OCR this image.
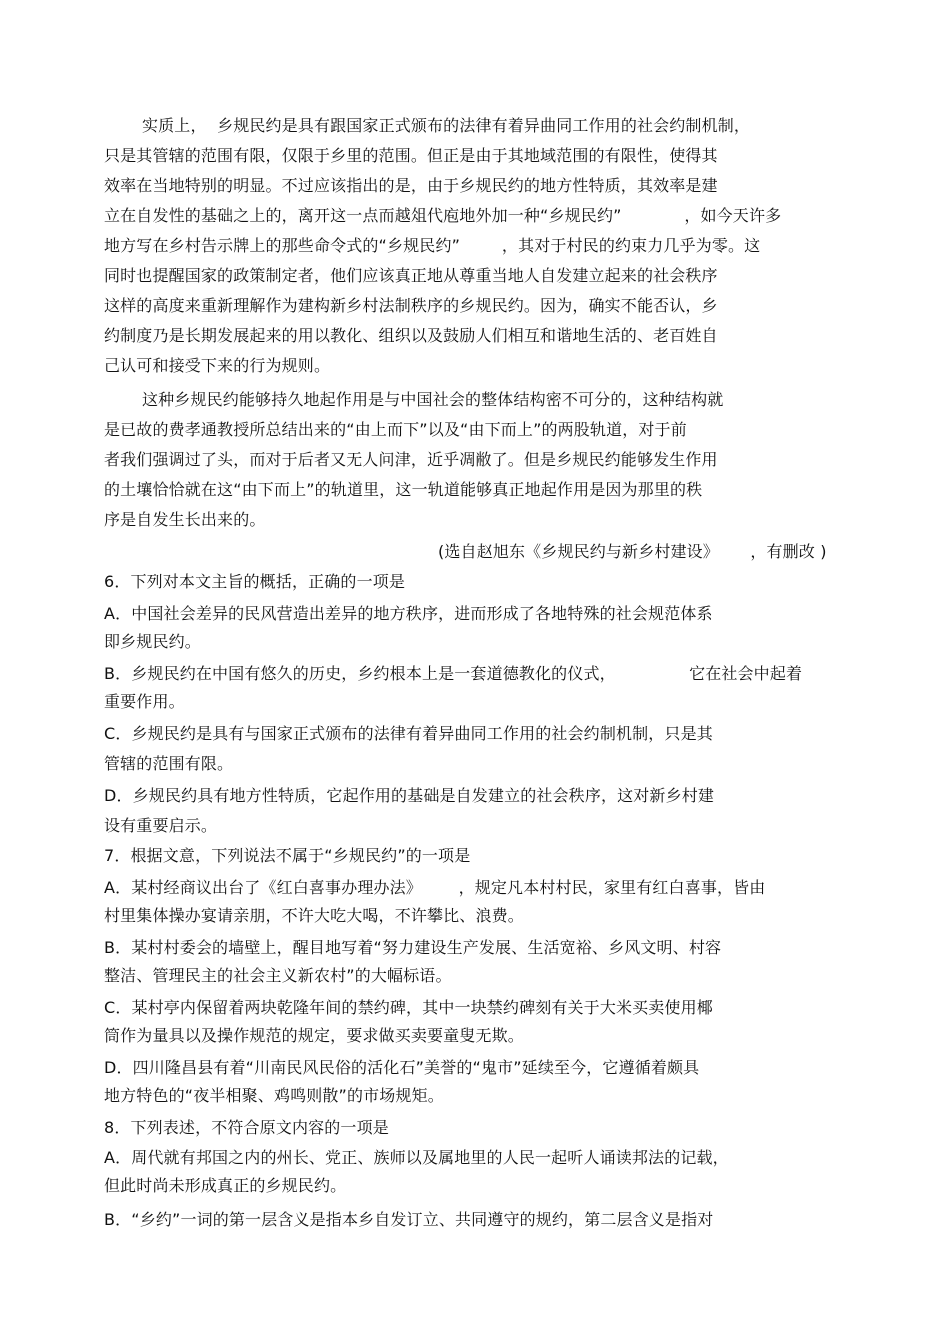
实质上，  乡规民约是具有跟国家正式颁布的法律有着异曲同工作用的社会约制机制，
只是其管辖的范围有限，仅限于乡里的范围。但正是由于其地域范围的有限性，使得其
效率在当地特别的明显。不过应该指出的是，由于乡规民约的地方性特质，其效率是建
立在自发性的基础之上的，离开这一点而越俎代庖地外加一种“乡规民约”            ，如今天许多
地方写在乡村告示牌上的那些命令式的“乡规民约”        ，其对于村民的约束力几乎为零。这
同时也提醒国家的政策制定者，他们应该真正地从尊重当地人自发建立起来的社会秩序
这样的高度来重新理解作为建构新乡村法制秩序的乡规民约。因为，确实不能否认，乡
约制度乃是长期发展起来的用以教化、组织以及鼓励人们相互和谐地生活的、老百姓自
己认可和接受下来的行为规则。
这种乡规民约能够持久地起作用是与中国社会的整体结构密不可分的，这种结构就
是已故的费孝通教授所总结出来的“由上而下”以及“由下而上”的两股轨道，对于前
者我们强调过了头，而对于后者又无人问津，近乎凋敝了。但是乡规民约能够发生作用
的土壤恰恰就在这“由下而上”的轨道里，这一轨道能够真正地起作用是因为那里的秩
序是自发生长出来的。
(选自赵旭东《乡规民约与新乡村建设》      ，有删改 )
6．下列对本文主旨的概括，正确的一项是
A．中国社会差异的民风营造出差异的地方秩序，进而形成了各地特殊的社会规范体系
即乡规民约。
B．乡规民约在中国有悠久的历史，乡约根本上是一套道德教化的仪式，              它在社会中起着
重要作用。
C．乡规民约是具有与国家正式颁布的法律有着异曲同工作用的社会约制机制，只是其
管辖的范围有限。
D．乡规民约具有地方性特质，它起作用的基础是自发建立的社会秩序，这对新乡村建
设有重要启示。
7．根据文意，下列说法不属于“乡规民约”的一项是
A．某村经商议出台了《红白喜事办理办法》       ，规定凡本村村民，家里有红白喜事，皆由
村里集体操办宴请亲朋，不许大吃大喝，不许攀比、浪费。
B．某村村委会的墙壁上，醒目地写着“努力建设生产发展、生活宽裕、乡风文明、村容
整洁、管理民主的社会主义新农村”的大幅标语。
C．某村亭内保留着两块乾隆年间的禁约碑，其中一块禁约碑刻有关于大米买卖使用椰
筒作为量具以及操作规范的规定，要求做买卖要童叟无欺。
D．四川隆昌县有着“川南民风民俗的活化石”美誉的“鬼市”延续至今，它遵循着颇具
地方特色的“夜半相聚、鸡鸣则散”的市场规矩。
8．下列表述，不符合原文内容的一项是
A．周代就有邦国之内的州长、党正、族师以及属地里的人民一起听人诵读邦法的记载，
但此时尚未形成真正的乡规民约。
B．“乡约”一词的第一层含义是指本乡自发订立、共同遵守的规约，第二层含义是指对
